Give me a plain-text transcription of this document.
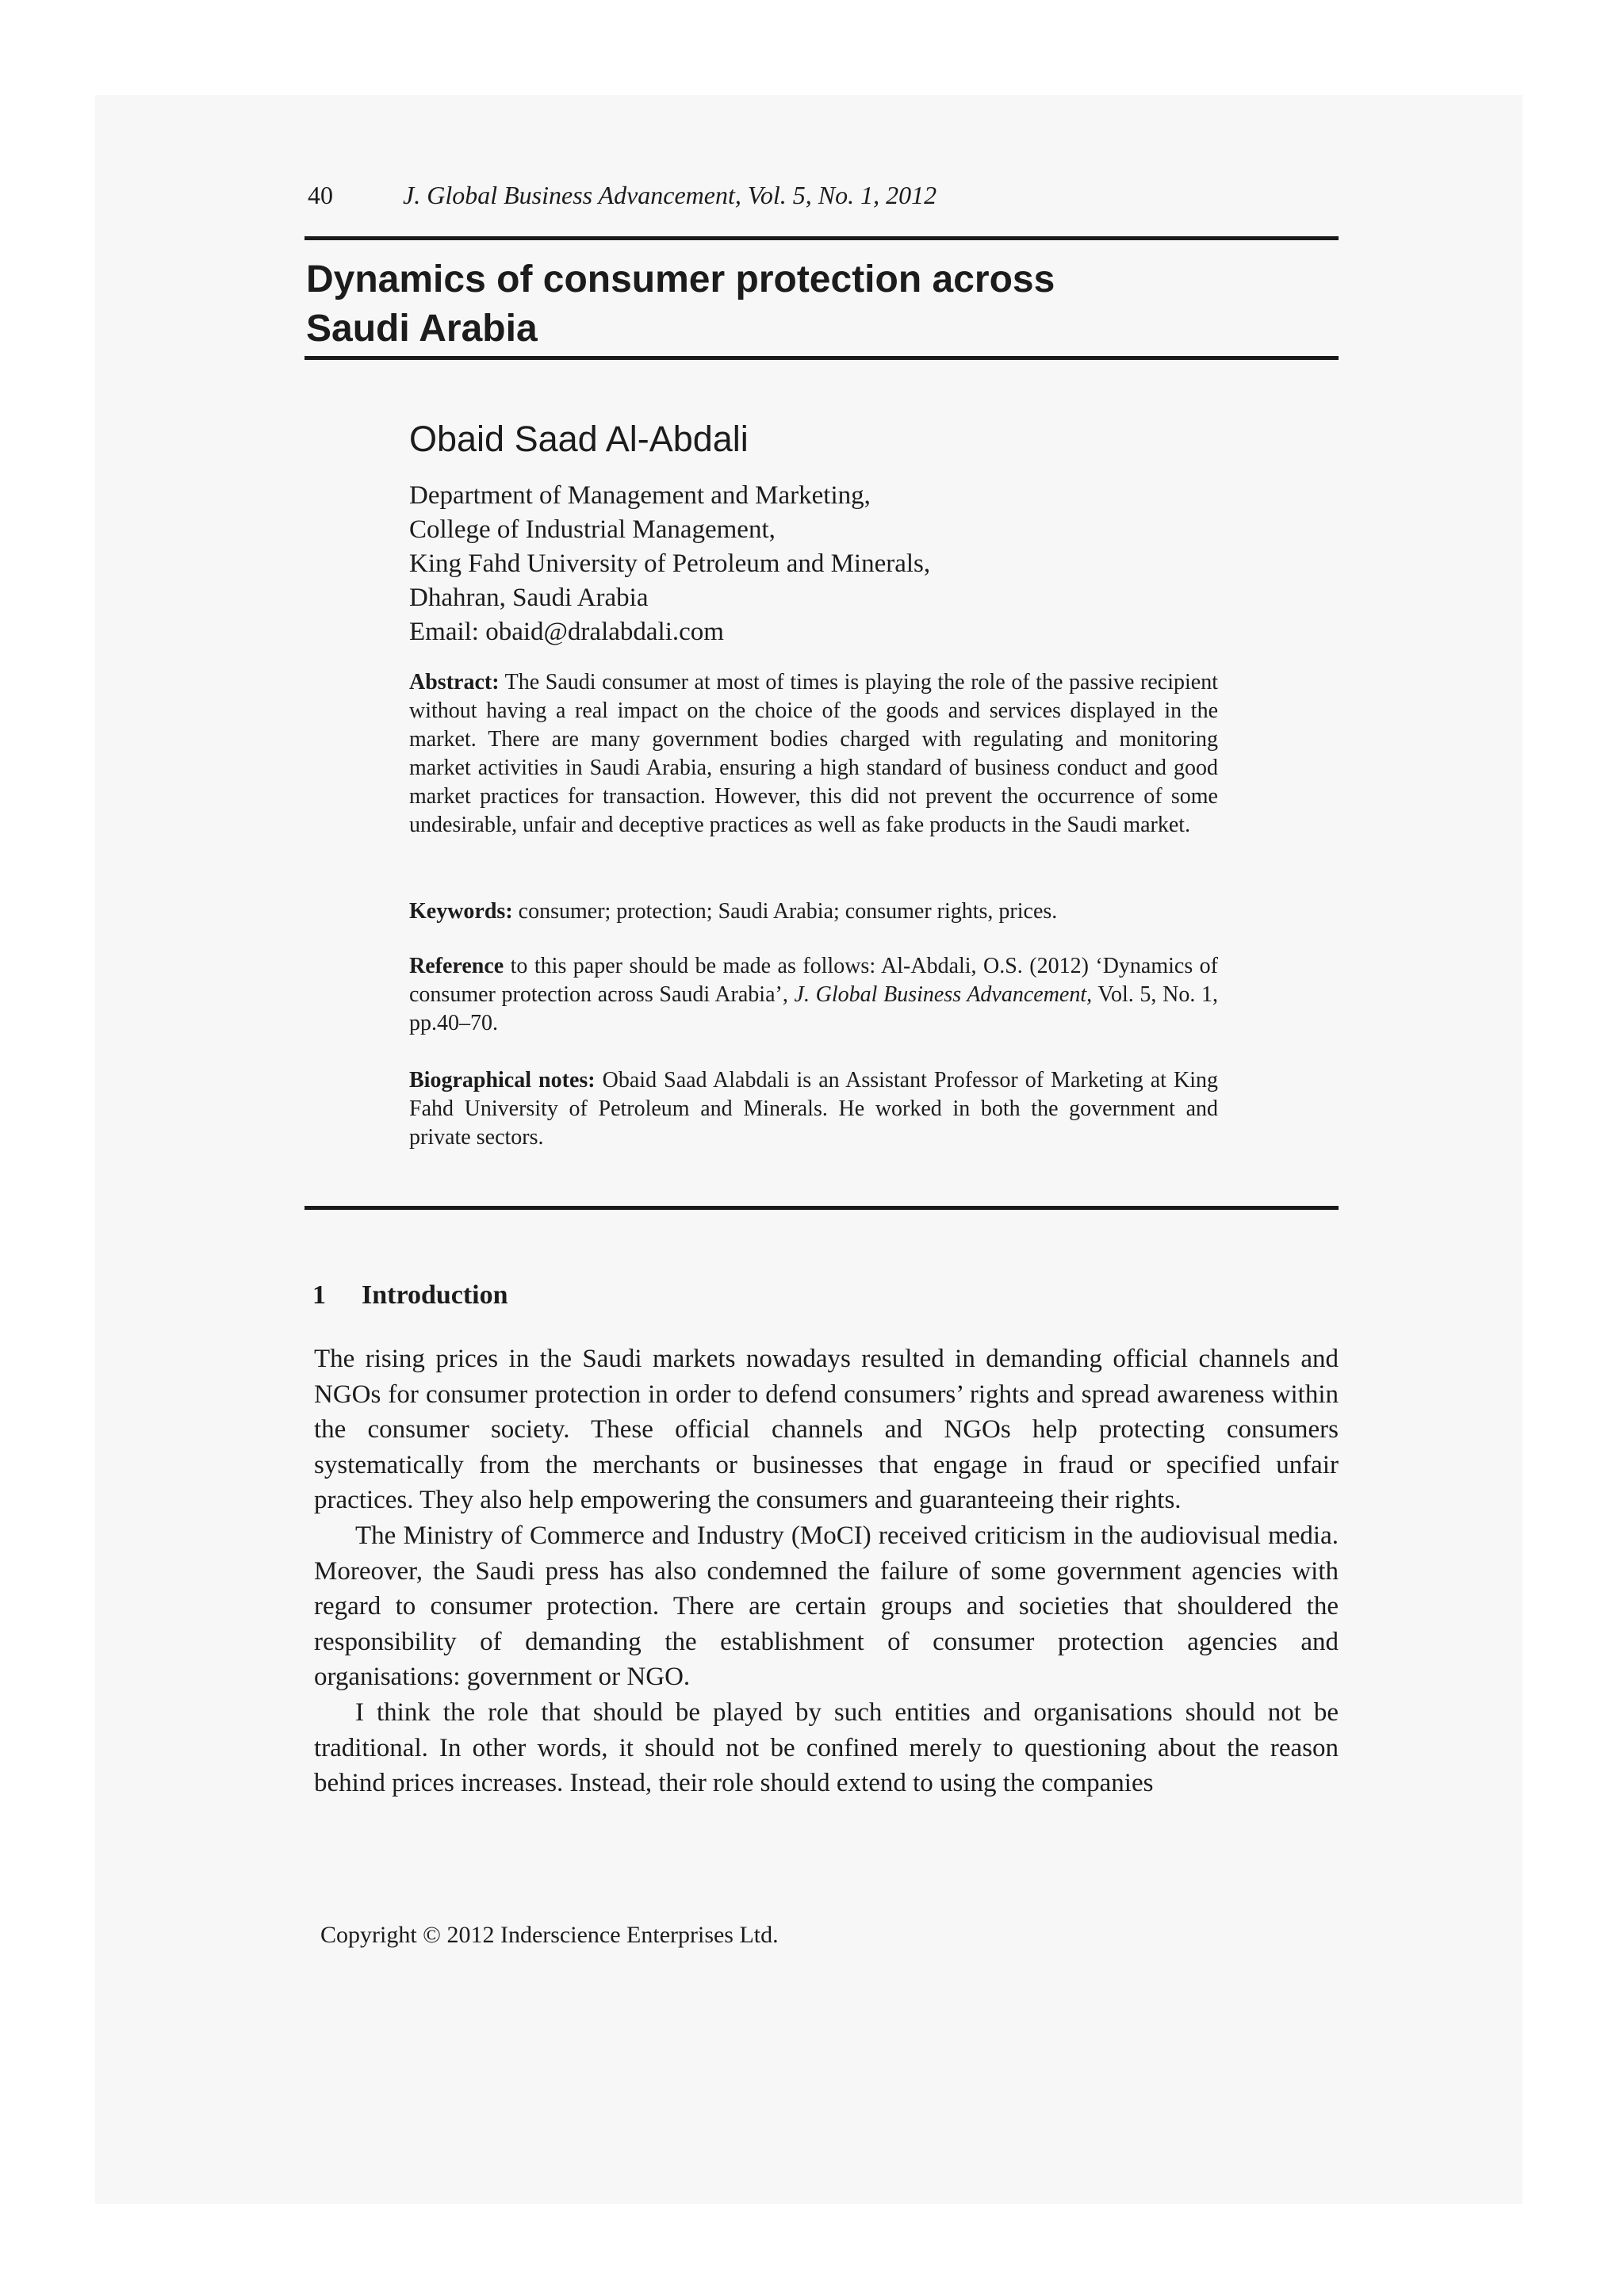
40	J. Global Business Advancement, Vol. 5, No. 1, 2012
Dynamics of consumer protection across
Saudi Arabia
Obaid Saad Al-Abdali
Department of Management and Marketing,
College of Industrial Management,
King Fahd University of Petroleum and Minerals,
Dhahran, Saudi Arabia
Email: obaid@dralabdali.com
Abstract: The Saudi consumer at most of times is playing the role of the passive recipient without having a real impact on the choice of the goods and services displayed in the market. There are many government bodies charged with regulating and monitoring market activities in Saudi Arabia, ensuring a high standard of business conduct and good market practices for transaction. However, this did not prevent the occurrence of some undesirable, unfair and deceptive practices as well as fake products in the Saudi market.
Keywords: consumer; protection; Saudi Arabia; consumer rights, prices.
Reference to this paper should be made as follows: Al-Abdali, O.S. (2012) ‘Dynamics of consumer protection across Saudi Arabia’, J. Global Business Advancement, Vol. 5, No. 1, pp.40–70.
Biographical notes: Obaid Saad Alabdali is an Assistant Professor of Marketing at King Fahd University of Petroleum and Minerals. He worked in both the government and private sectors.
1 Introduction

The rising prices in the Saudi markets nowadays resulted in demanding official channels and NGOs for consumer protection in order to defend consumers’ rights and spread awareness within the consumer society. These official channels and NGOs help protecting consumers systematically from the merchants or businesses that engage in fraud or specified unfair practices. They also help empowering the consumers and guaranteeing their rights.

The Ministry of Commerce and Industry (MoCI) received criticism in the audiovisual media. Moreover, the Saudi press has also condemned the failure of some government agencies with regard to consumer protection. There are certain groups and societies that shouldered the responsibility of demanding the establishment of consumer protection agencies and organisations: government or NGO.

I think the role that should be played by such entities and organisations should not be traditional. In other words, it should not be confined merely to questioning about the reason behind prices increases. Instead, their role should extend to using the companies

Copyright © 2012 Inderscience Enterprises Ltd.
